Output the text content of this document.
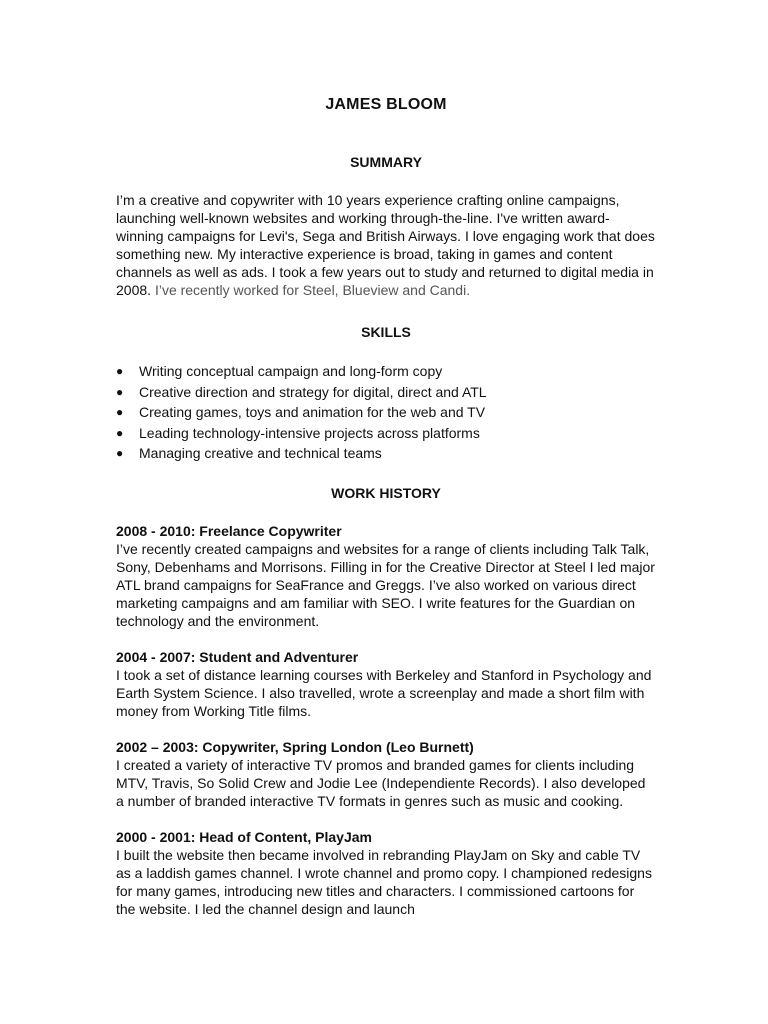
JAMES BLOOM
SUMMARY

I’m a creative and copywriter with 10 years experience crafting online campaigns, launching well-known websites and working through-the-line. I've written award-winning campaigns for Levi's, Sega and British Airways. I love engaging work that does something new. My interactive experience is broad, taking in games and content channels as well as ads. I took a few years out to study and returned to digital media in 2008. I’ve recently worked for Steel, Blueview and Candi.

SKILLS
● Writing conceptual campaign and long-form copy
● Creative direction and strategy for digital, direct and ATL
● Creating games, toys and animation for the web and TV
● Leading technology-intensive projects across platforms
● Managing creative and technical teams
WORK HISTORY

2008 - 2010: Freelance Copywriter

I’ve recently created campaigns and websites for a range of clients including Talk Talk, Sony, Debenhams and Morrisons. Filling in for the Creative Director at Steel I led major ATL brand campaigns for SeaFrance and Greggs. I’ve also worked on various direct marketing campaigns and am familiar with SEO. I write features for the Guardian on technology and the environment.

2004 - 2007: Student and Adventurer

I took a set of distance learning courses with Berkeley and Stanford in Psychology and Earth System Science. I also travelled, wrote a screenplay and made a short film with money from Working Title films.

2002 – 2003: Copywriter, Spring London (Leo Burnett)

I created a variety of interactive TV promos and branded games for clients including MTV, Travis, So Solid Crew and Jodie Lee (Independiente Records). I also developed a number of branded interactive TV formats in genres such as music and cooking.

2000 - 2001: Head of Content, PlayJam

I built the website then became involved in rebranding PlayJam on Sky and cable TV as a laddish games channel. I wrote channel and promo copy. I championed redesigns for many games, introducing new titles and characters. I commissioned cartoons for the website. I led the channel design and launch
